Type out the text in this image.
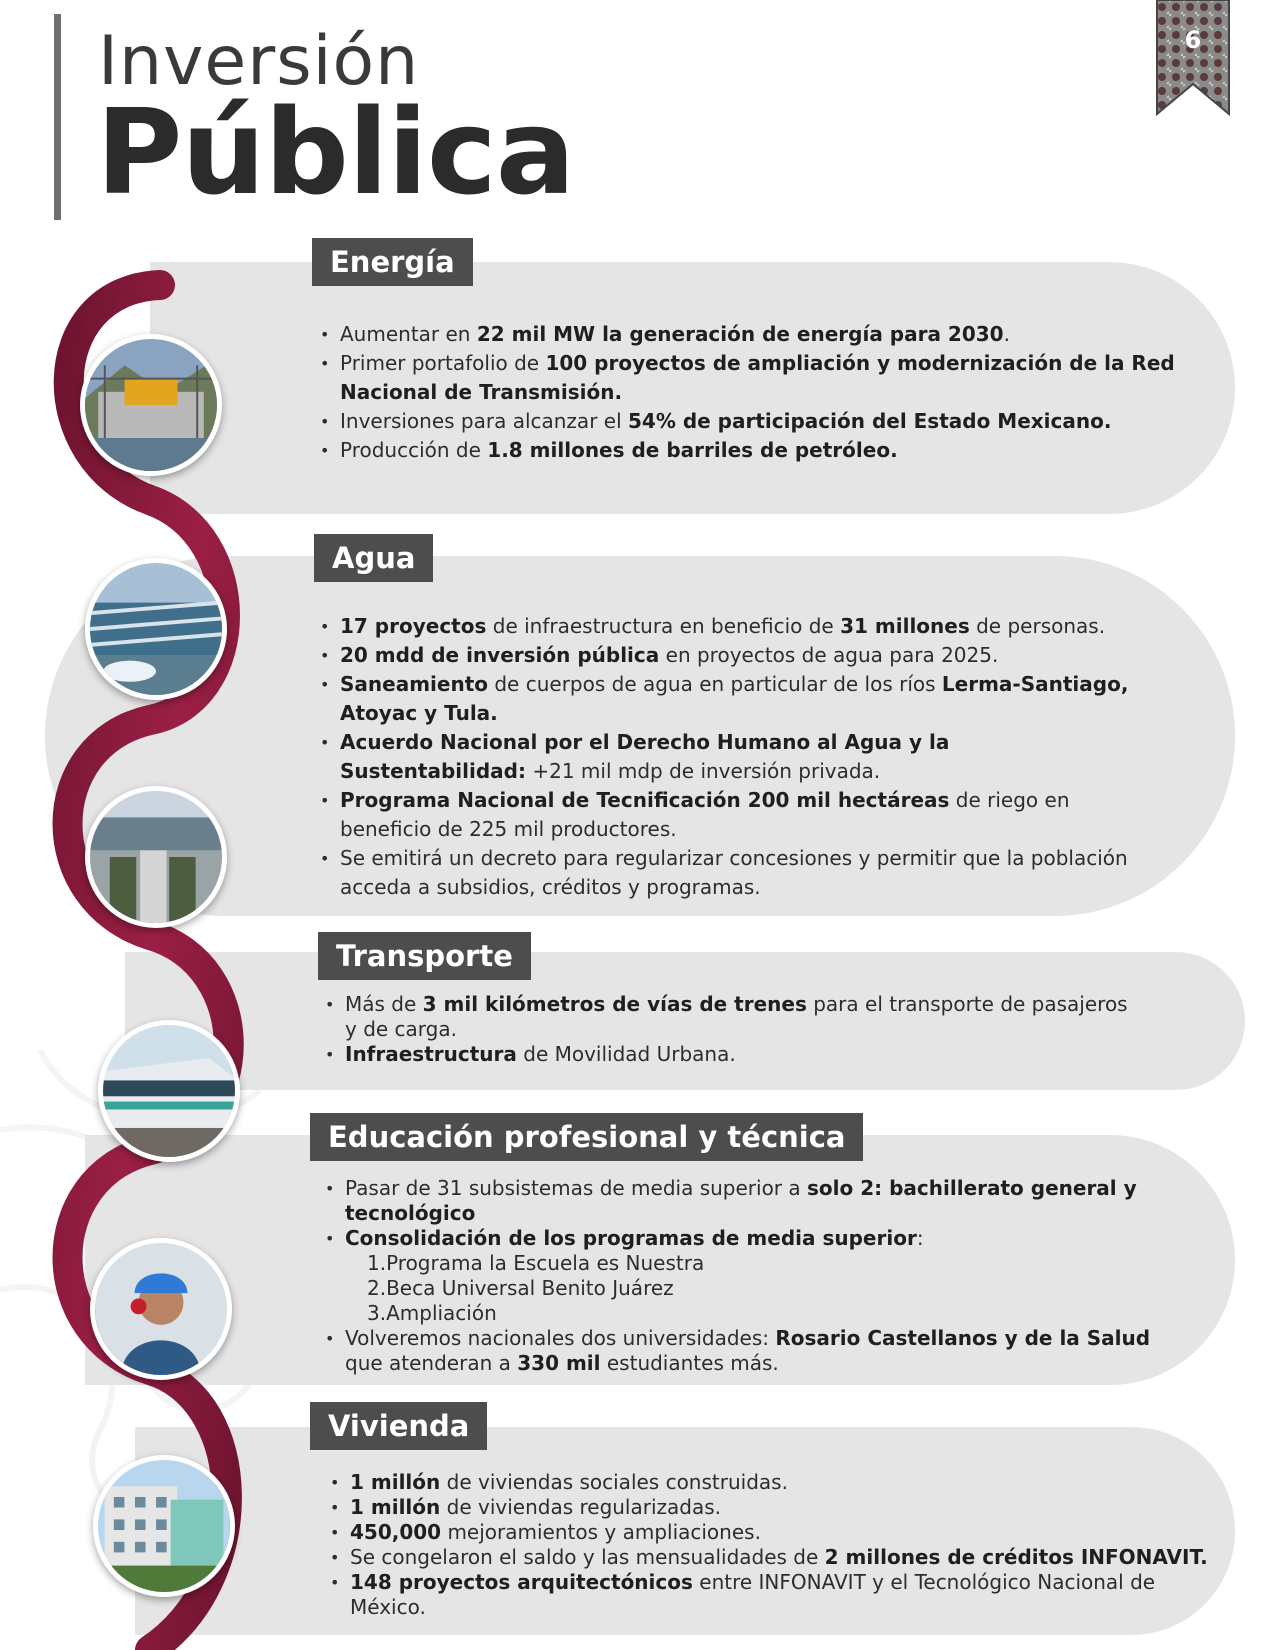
Inversión
Pública
6
Energía
• Aumentar en 22 mil MW la generación de energía para 2030.
• Primer portafolio de 100 proyectos de ampliación y modernización de la Red Nacional de Transmisión.
• Inversiones para alcanzar el 54% de participación del Estado Mexicano.
• Producción de 1.8 millones de barriles de petróleo.
Agua
• 17 proyectos de infraestructura en beneficio de 31 millones de personas.
• 20 mdd de inversión pública en proyectos de agua para 2025.
• Saneamiento de cuerpos de agua en particular de los ríos Lerma-Santiago, Atoyac y Tula.
• Acuerdo Nacional por el Derecho Humano al Agua y la Sustentabilidad: +21 mil mdp de inversión privada.
• Programa Nacional de Tecnificación 200 mil hectáreas de riego en beneficio de 225 mil productores.
• Se emitirá un decreto para regularizar concesiones y permitir que la población acceda a subsidios, créditos y programas.
Transporte
• Más de 3 mil kilómetros de vías de trenes para el transporte de pasajeros y de carga.
• Infraestructura de Movilidad Urbana.
Educación profesional y técnica
• Pasar de 31 subsistemas de media superior a solo 2: bachillerato general y tecnológico
• Consolidación de los programas de media superior:
1.Programa la Escuela es Nuestra
2.Beca Universal Benito Juárez
3.Ampliación
• Volveremos nacionales dos universidades: Rosario Castellanos y de la Salud que atenderan a 330 mil estudiantes más.
Vivienda
• 1 millón de viviendas sociales construidas.
• 1 millón de viviendas regularizadas.
• 450,000 mejoramientos y ampliaciones.
• Se congelaron el saldo y las mensualidades de 2 millones de créditos INFONAVIT.
• 148 proyectos arquitectónicos entre INFONAVIT y el Tecnológico Nacional de México.
